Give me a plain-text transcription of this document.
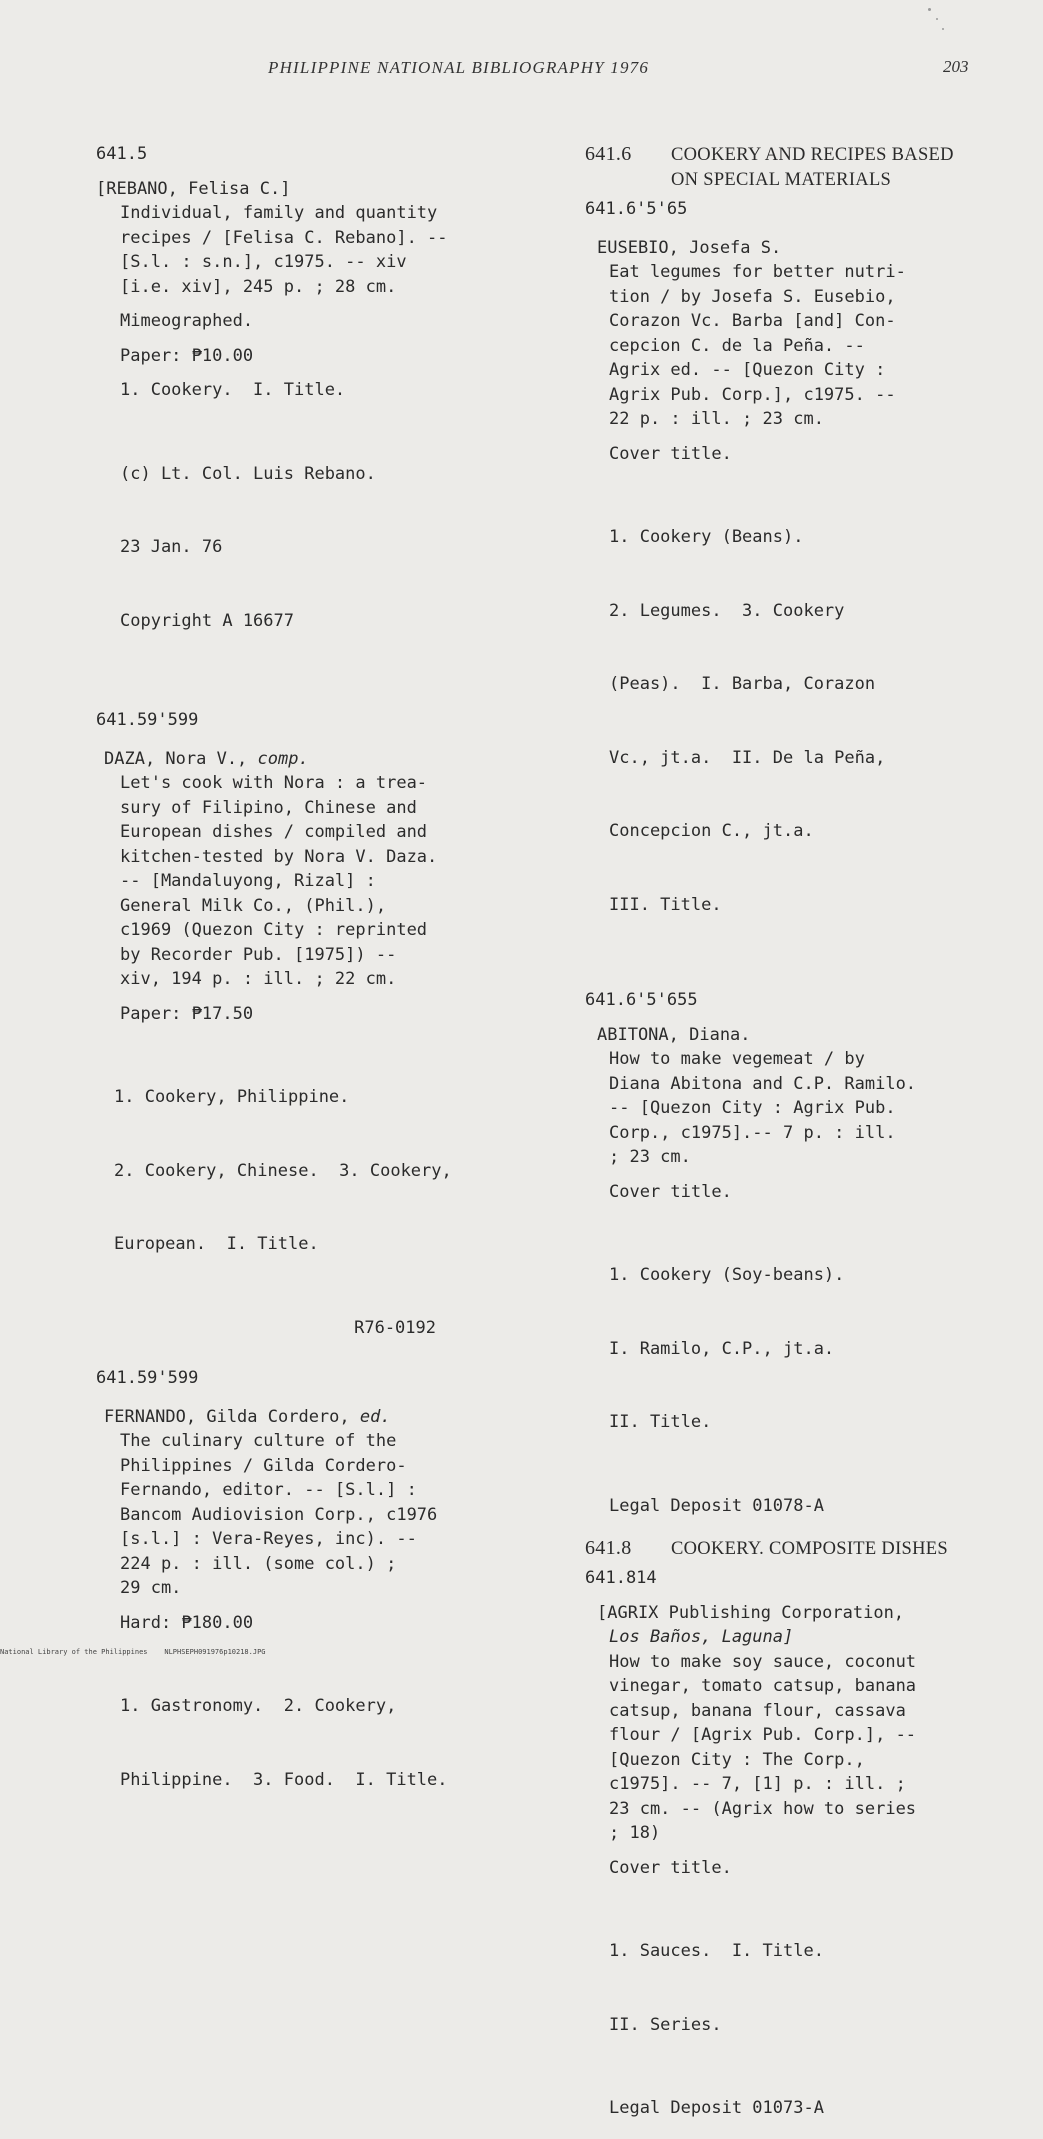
PHILIPPINE NATIONAL BIBLIOGRAPHY 1976	203
641.5
[REBANO, Felisa C.]
Individual, family and quantity
recipes / [Felisa C. Rebano]. --
[S.l. : s.n.], c1975. -- xiv
[i.e. xiv], 245 p. ; 28 cm.
Mimeographed.
Paper: ₱10.00
1. Cookery.  I. Title.

(c) Lt. Col. Luis Rebano.

23 Jan. 76

Copyright A 16677

641.59'599
DAZA, Nora V., comp.
Let's cook with Nora : a trea-
sury of Filipino, Chinese and
European dishes / compiled and
kitchen-tested by Nora V. Daza.
-- [Mandaluyong, Rizal] :
General Milk Co., (Phil.),
c1969 (Quezon City : reprinted
by Recorder Pub. [1975]) --
xiv, 194 p. : ill. ; 22 cm.
Paper: ₱17.50

1. Cookery, Philippine.

2. Cookery, Chinese.  3. Cookery,

European.  I. Title.

R76-0192
641.59'599
FERNANDO, Gilda Cordero, ed.
The culinary culture of the
Philippines / Gilda Cordero-
Fernando, editor. -- [S.l.] :
Bancom Audiovision Corp., c1976
[s.l.] : Vera-Reyes, inc). --
224 p. : ill. (some col.) ;
29 cm.
Hard: ₱180.00

1. Gastronomy.  2. Cookery,

Philippine.  3. Food.  I. Title.

641.6 COOKERY AND RECIPES BASED
ON SPECIAL MATERIALS
641.6'5'65
EUSEBIO, Josefa S.
Eat legumes for better nutri-
tion / by Josefa S. Eusebio,
Corazon Vc. Barba [and] Con-
cepcion C. de la Peña. --
Agrix ed. -- [Quezon City :
Agrix Pub. Corp.], c1975. --
22 p. : ill. ; 23 cm.
Cover title.

1. Cookery (Beans).

2. Legumes.  3. Cookery

(Peas).  I. Barba, Corazon

Vc., jt.a.  II. De la Peña,

Concepcion C., jt.a.

III. Title.

641.6'5'655
ABITONA, Diana.
How to make vegemeat / by
Diana Abitona and C.P. Ramilo.
-- [Quezon City : Agrix Pub.
Corp., c1975].-- 7 p. : ill.
; 23 cm.
Cover title.

1. Cookery (Soy-beans).

I. Ramilo, C.P., jt.a.

II. Title.

Legal Deposit 01078-A
641.8 COOKERY. COMPOSITE DISHES
641.814
[AGRIX Publishing Corporation,
Los Baños, Laguna]
How to make soy sauce, coconut
vinegar, tomato catsup, banana
catsup, banana flour, cassava
flour / [Agrix Pub. Corp.], --
[Quezon City : The Corp.,
c1975]. -- 7, [1] p. : ill. ;
23 cm. -- (Agrix how to series
; 18)
Cover title.

1. Sauces.  I. Title.

II. Series.

Legal Deposit 01073-A
National Library of the Philippines    NLPHSEPH091976p10218.JPG
